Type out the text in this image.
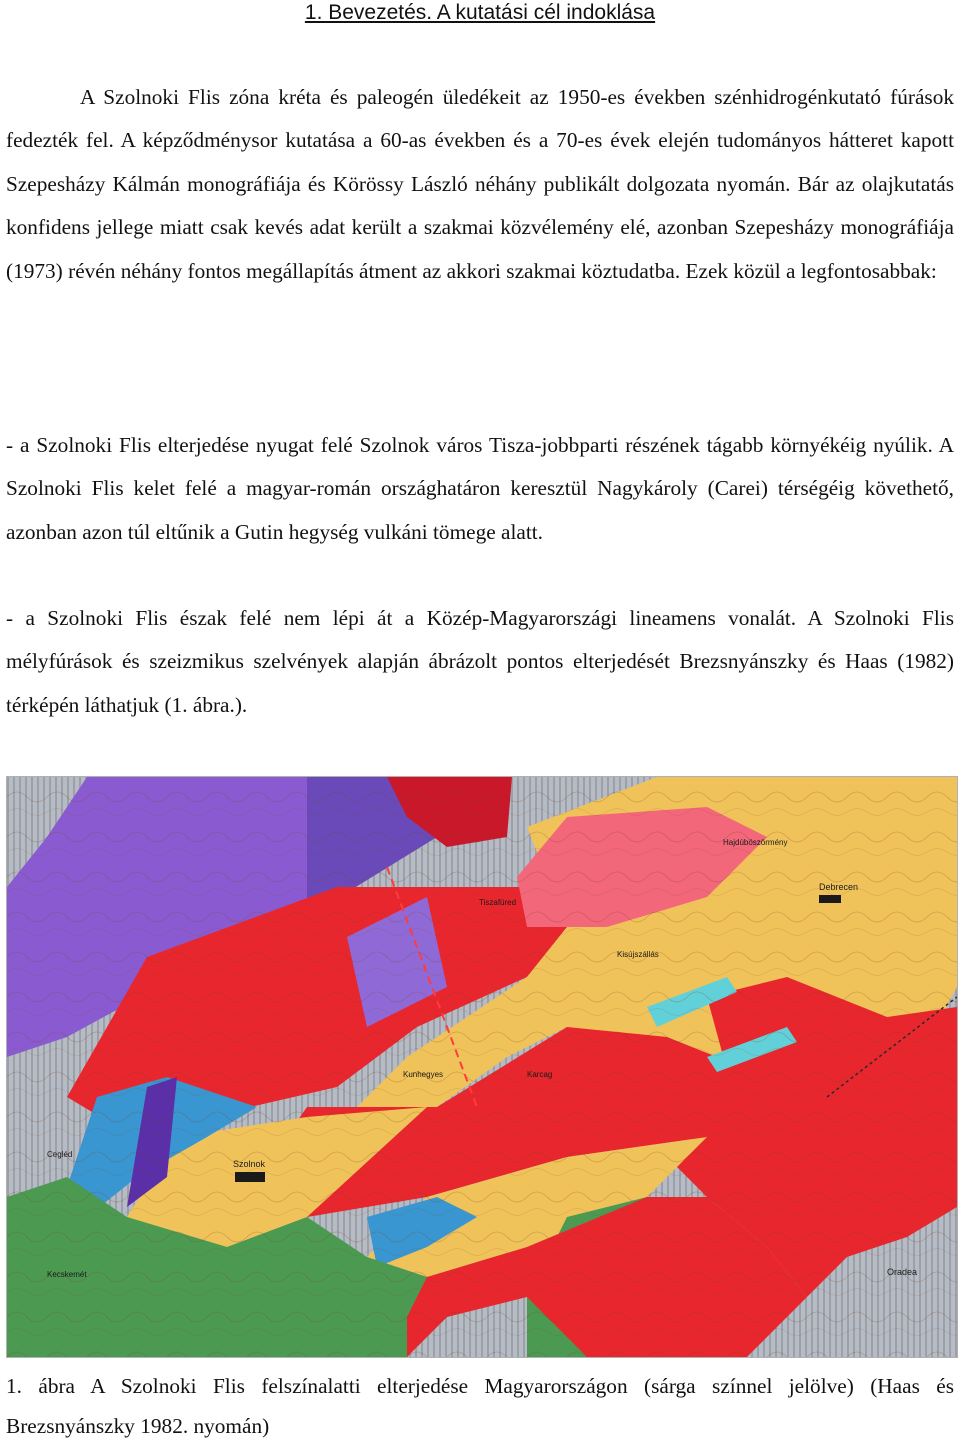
1. Bevezetés. A kutatási cél indoklása

A Szolnoki Flis zóna kréta és paleogén üledékeit az 1950-es években szénhidrogénkutató fúrások fedezték fel. A képződménysor kutatása a 60-as években és a 70-es évek elején tudományos hátteret kapott Szepesházy Kálmán monográfiája és Körössy László néhány publikált dolgozata nyomán. Bár az olajkutatás konfidens jellege miatt csak kevés adat került a szakmai közvélemény elé, azonban Szepesházy monográfiája (1973) révén néhány fontos megállapítás átment az akkori szakmai köztudatba. Ezek közül a legfontosabbak:

- a Szolnoki Flis elterjedése nyugat felé Szolnok város Tisza-jobbparti részének tágabb környékéig nyúlik. A Szolnoki Flis kelet felé a magyar-román országhatáron keresztül Nagykároly (Carei) térségéig követhető, azonban azon túl eltűnik a Gutin hegység vulkáni tömege alatt.

- a Szolnoki Flis észak felé nem lépi át a Közép-Magyarországi lineamens vonalát. A Szolnoki Flis mélyfúrások és szeizmikus szelvények alapján ábrázolt pontos elterjedését Brezsnyánszky és Haas (1982) térképén láthatjuk (1. ábra.).

Szolnok
Debrecen
Oradea
Tiszafüred
Kunhegyes	Karcag
Hajdúböszörmény
Kisújszállás
Kecskemét
Cegléd

1. ábra A Szolnoki Flis felszínalatti elterjedése Magyarországon (sárga színnel jelölve) (Haas és Brezsnyánszky 1982. nyomán)
